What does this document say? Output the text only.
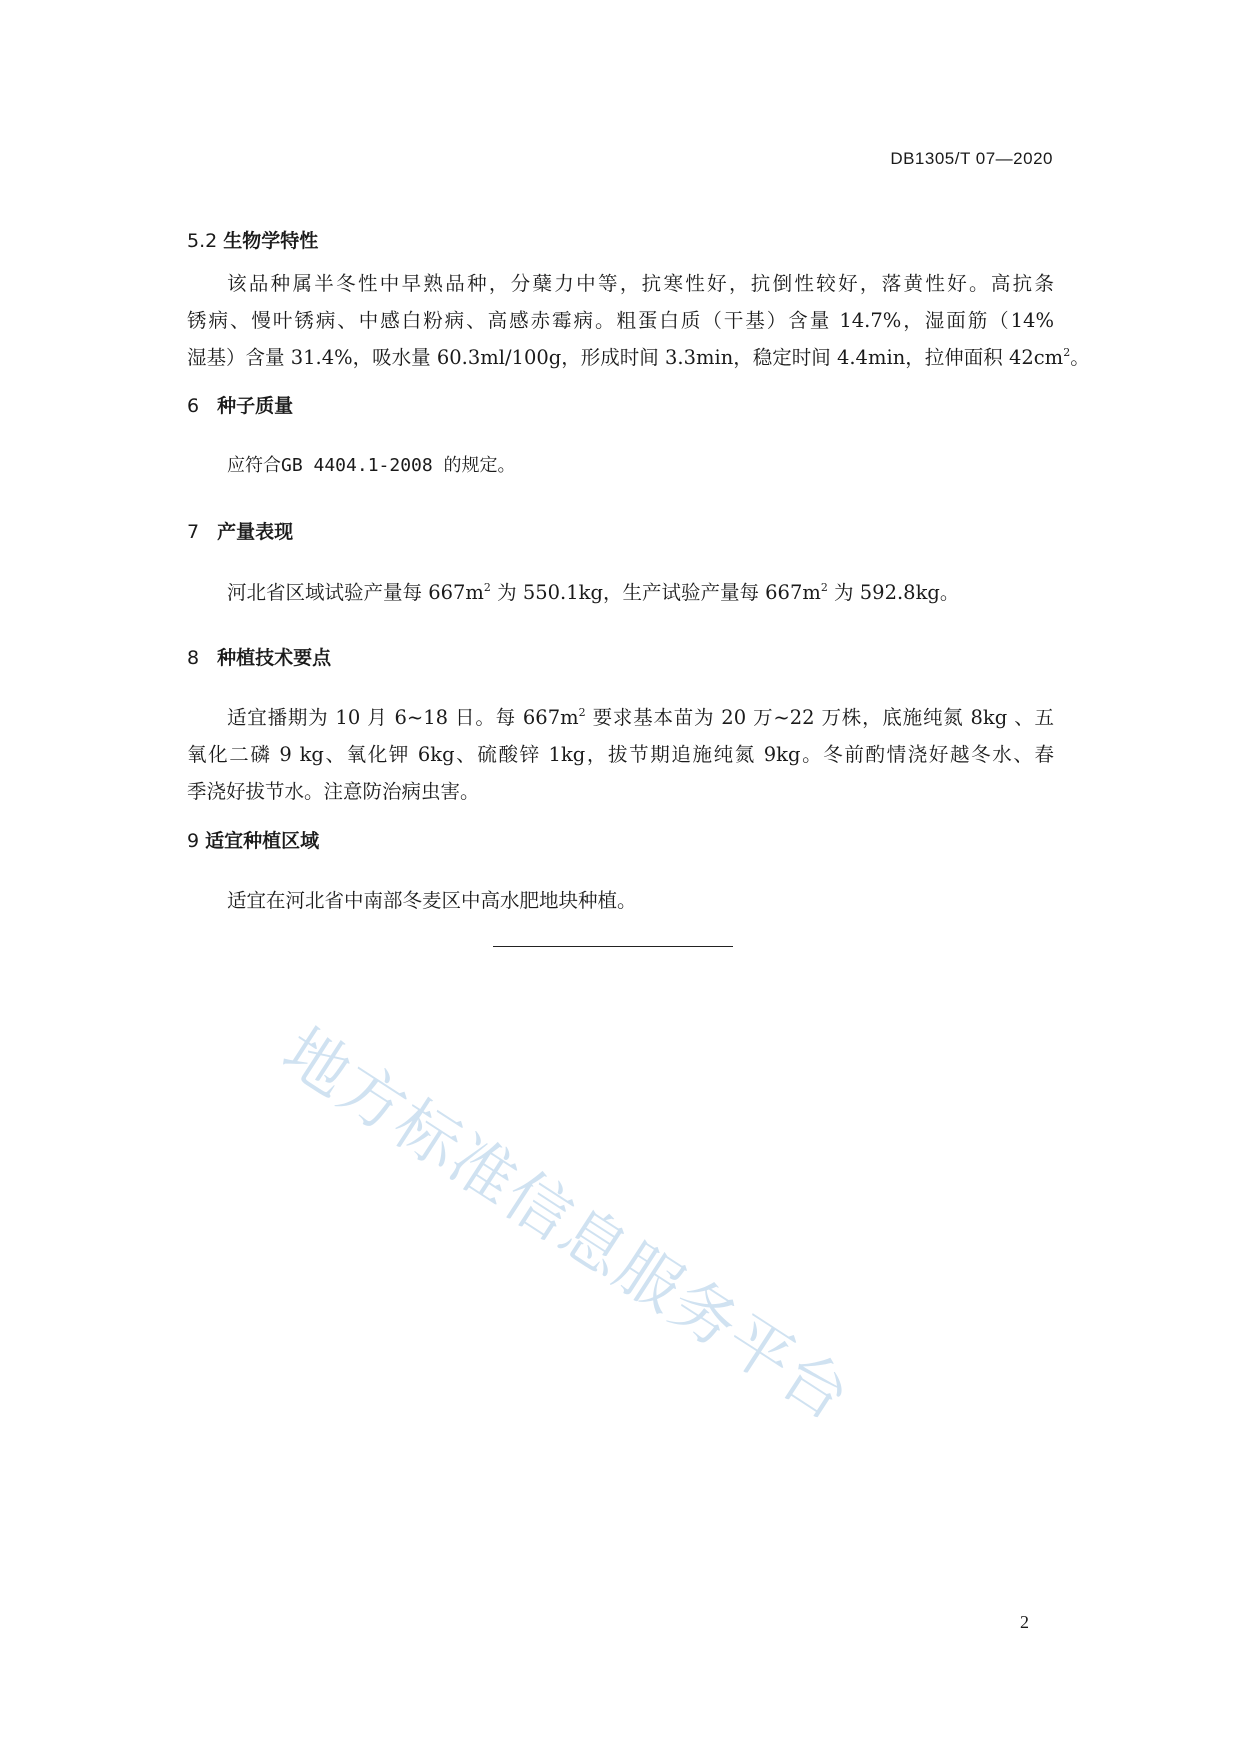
DB1305/T 07—2020
5.2 生物学特性
该品种属半冬性中早熟品种，分蘖力中等，抗寒性好，抗倒性较好，落黄性好。高抗条
锈病、慢叶锈病、中感白粉病、高感赤霉病。粗蛋白质（干基）含量 14.7%，湿面筋（14%
湿基）含量 31.4%，吸水量 60.3ml/100g，形成时间 3.3min，稳定时间 4.4min，拉伸面积 $42cm^2$。
6 种子质量
应符合GB 4404.1-2008 的规定。
7 产量表现
河北省区域试验产量每 $667m^2$ 为 550.1kg，生产试验产量每 $667m^2$ 为 592.8kg。
8 种植技术要点
适宜播期为 10 月 6~18 日。每 $667m^2$ 要求基本苗为 20 万~22 万株，底施纯氮 8kg 、五
氧化二磷 9 kg、氧化钾 6kg、硫酸锌 1kg，拔节期追施纯氮 9kg。冬前酌情浇好越冬水、春
季浇好拔节水。注意防治病虫害。
9 适宜种植区域
适宜在河北省中南部冬麦区中高水肥地块种植。
地方标准信息服务平台
2
